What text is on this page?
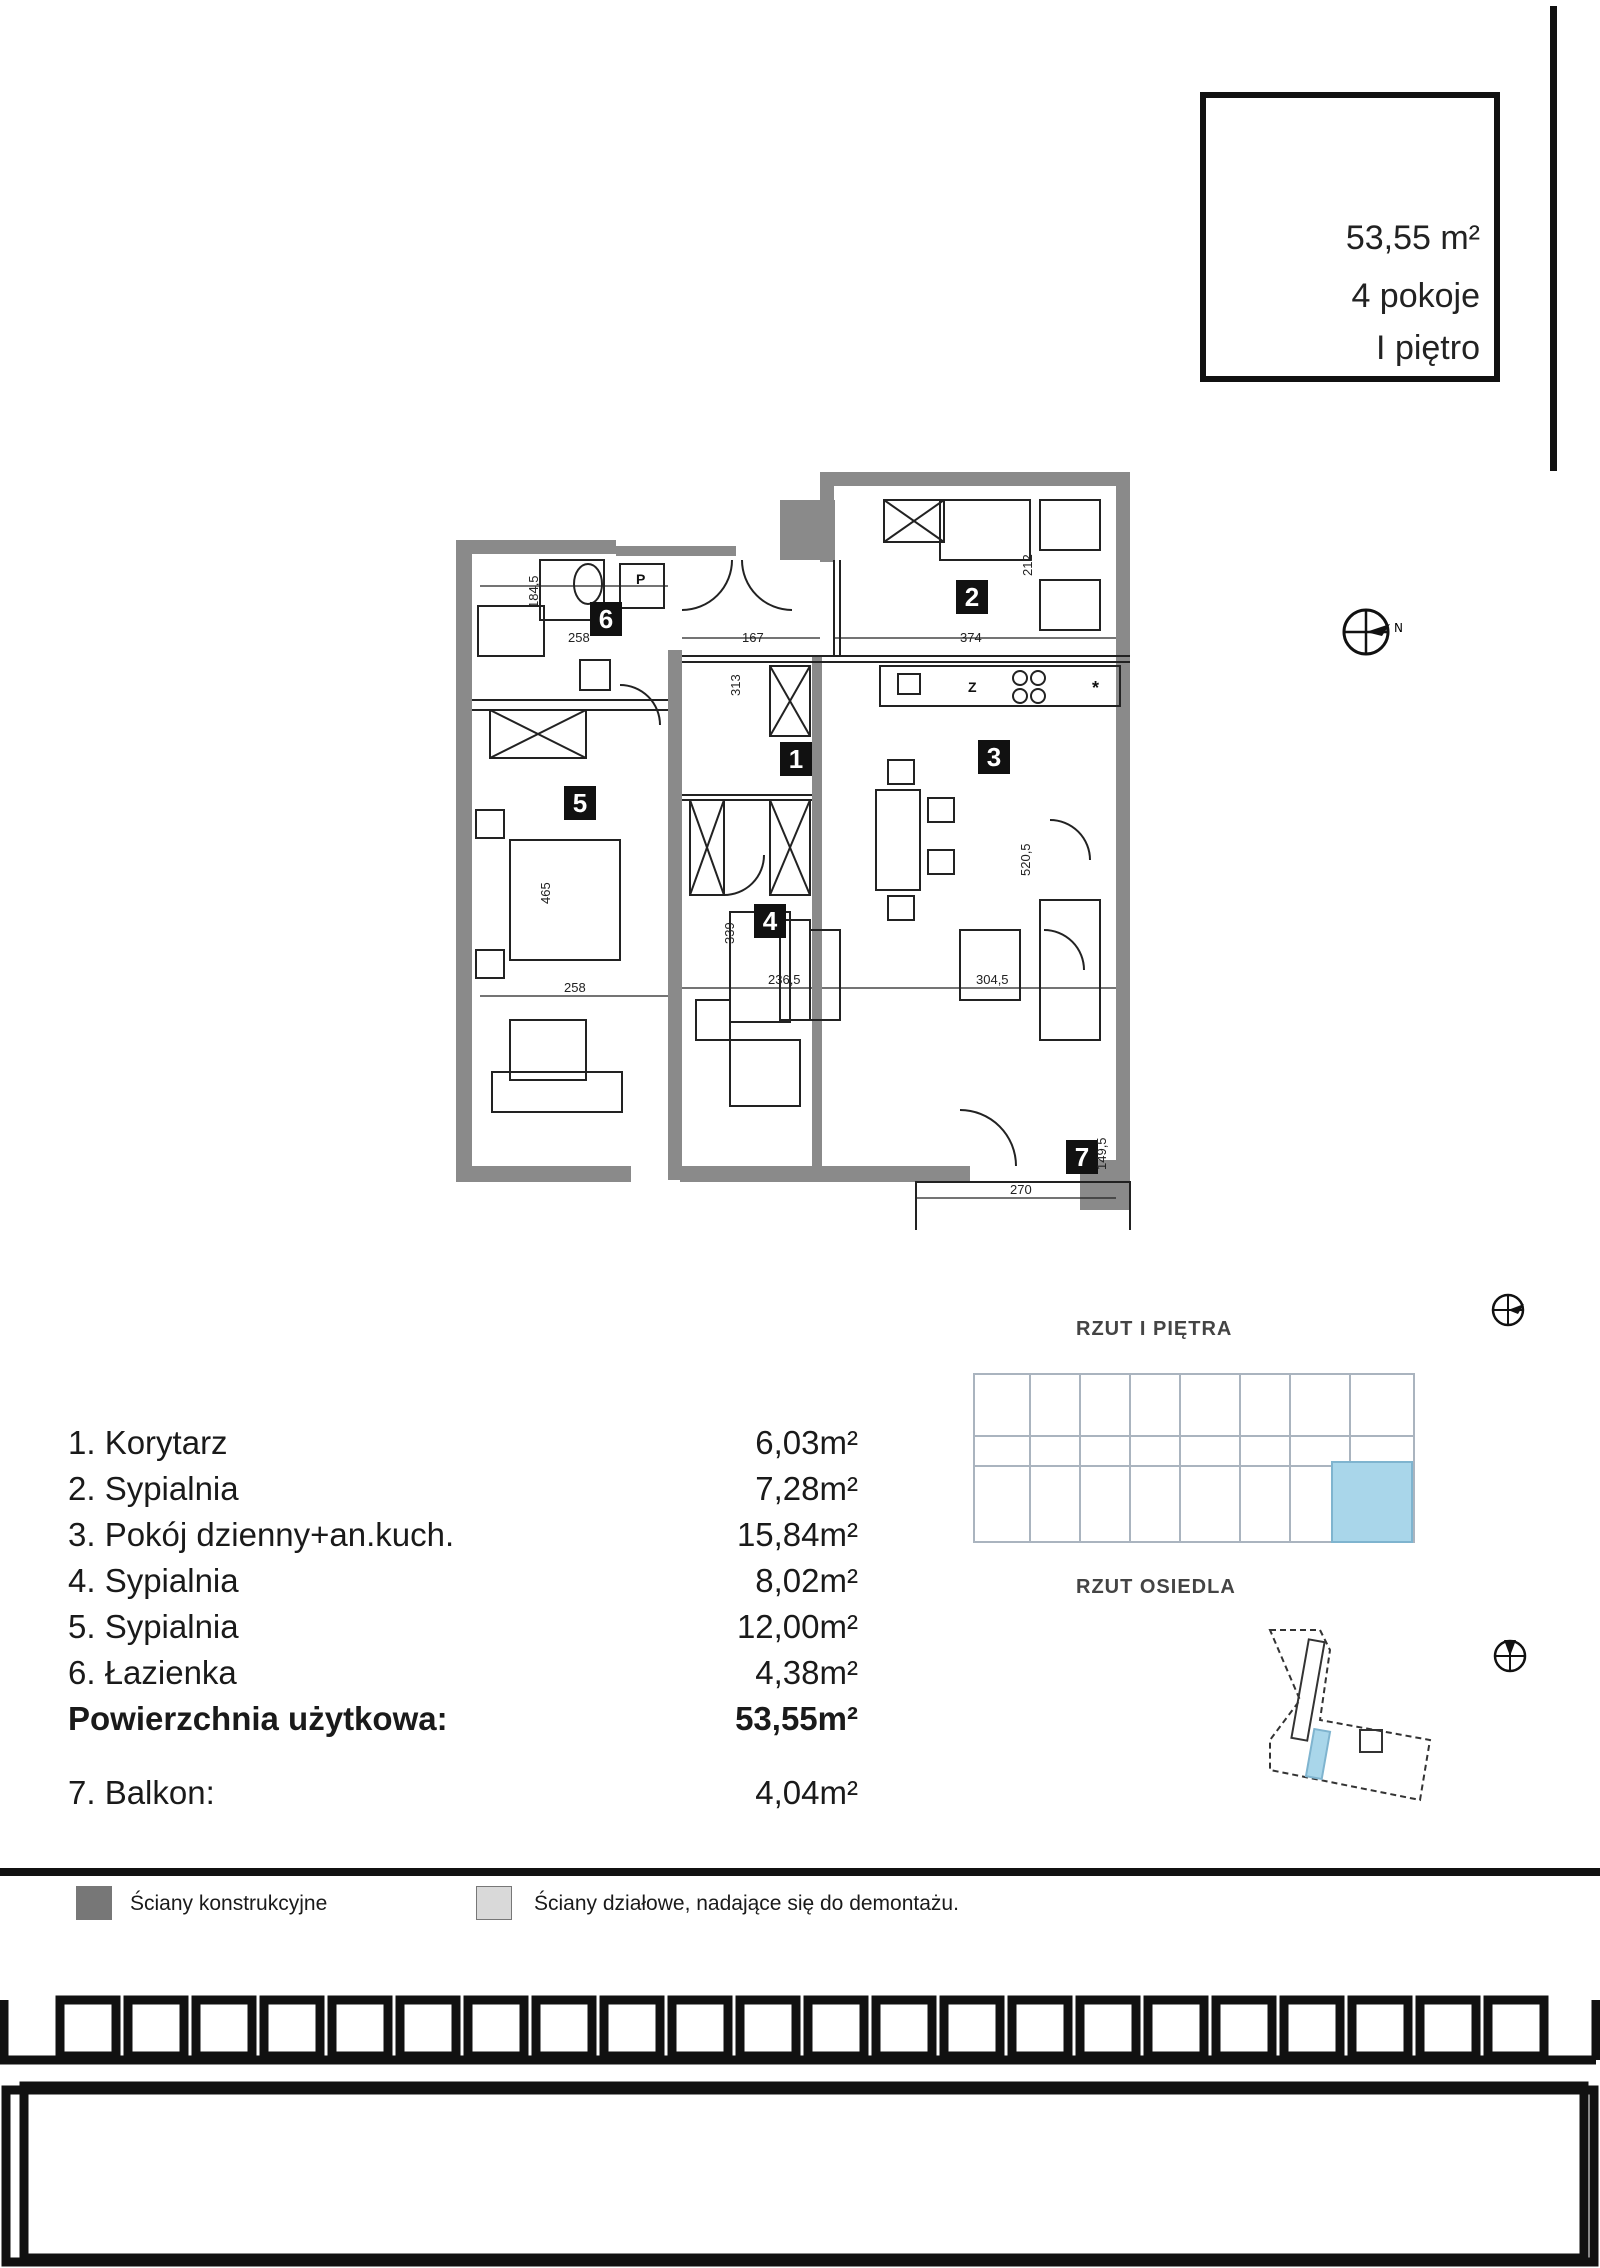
53,55 m²
4 pokoje
I piętro
N
6
2
1	3
4
5
7
P
Z	*
258
184,5
167	374
212
313
465
520,5
339
258
236,5	304,5
270
149,5
1. Korytarz	6,03m²
2. Sypialnia	7,28m²
3. Pokój dzienny+an.kuch.	15,84m²
4. Sypialnia	8,02m²
5. Sypialnia	12,00m²
6. Łazienka	4,38m²
Powierzchnia użytkowa:	53,55m²
7. Balkon:	4,04m²
RZUT I PIĘTRA
RZUT OSIEDLA
Ściany konstrukcyjne	Ściany działowe, nadające się do demontażu.
